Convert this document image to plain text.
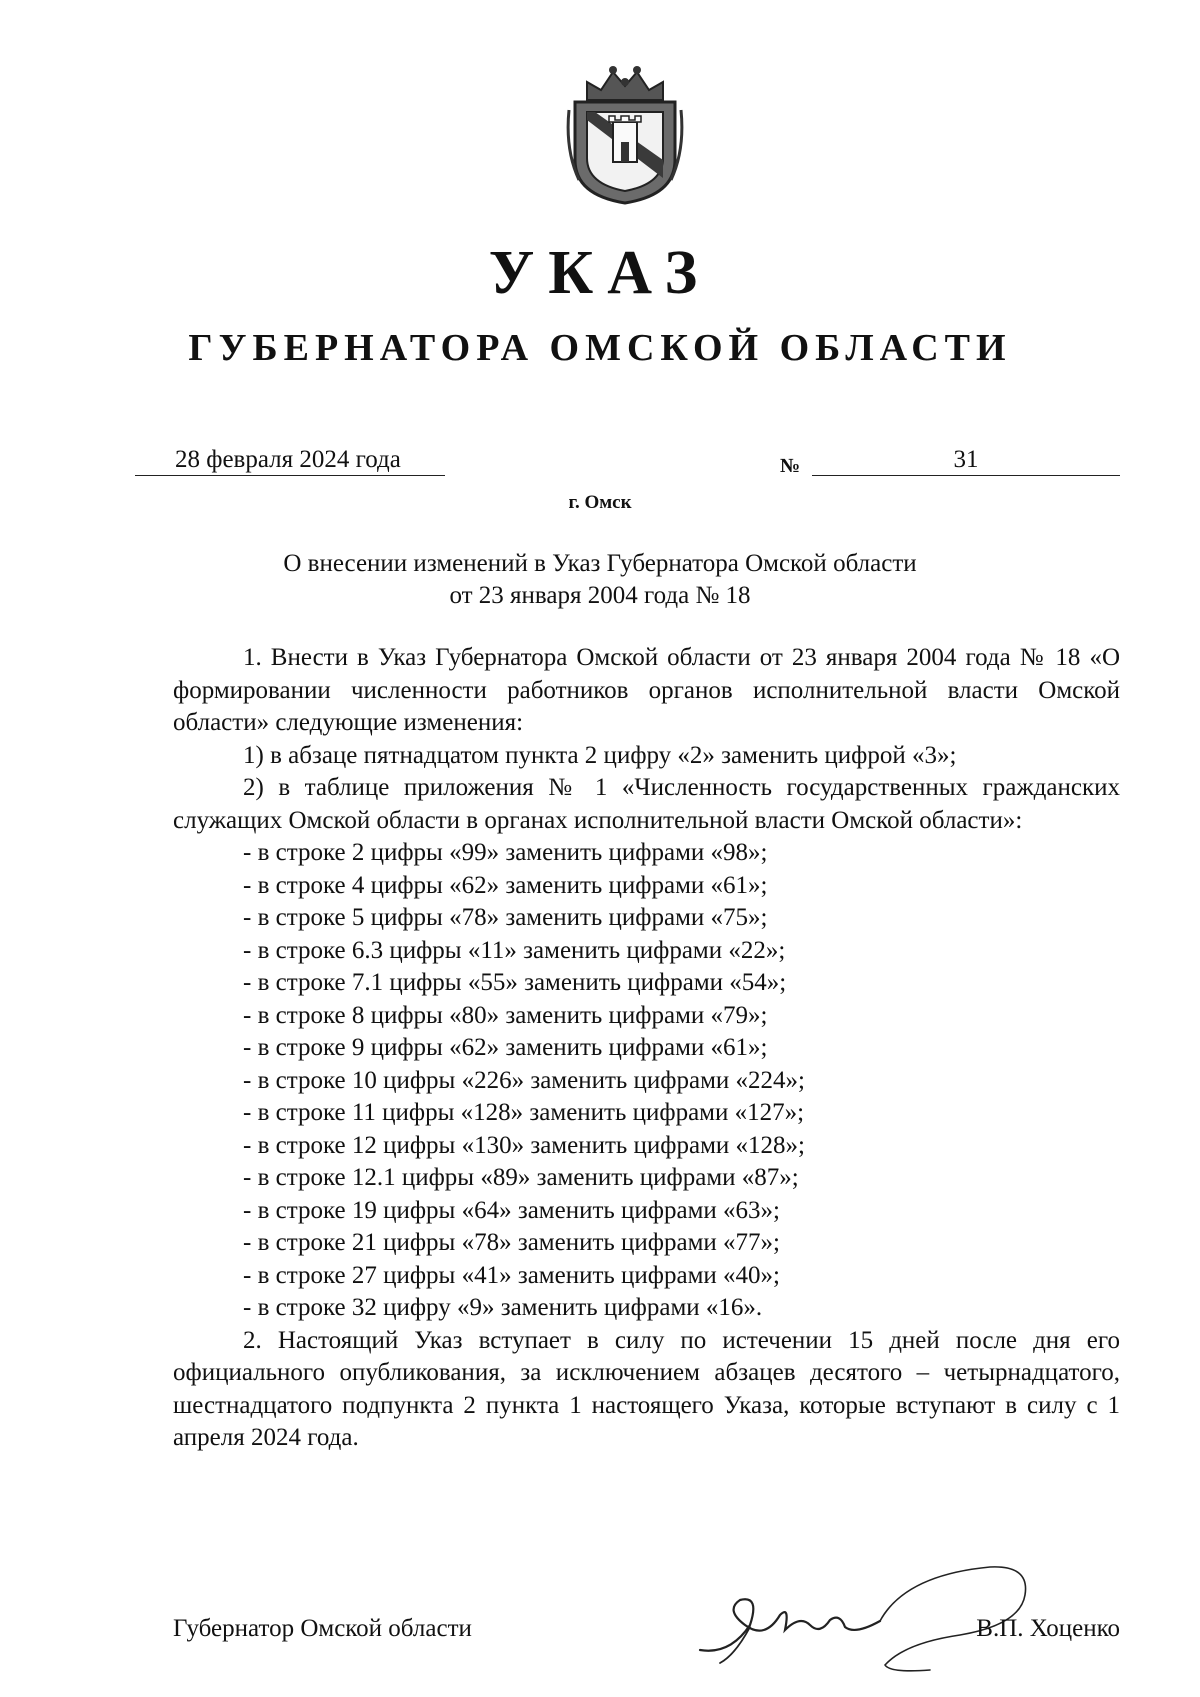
УКАЗ
ГУБЕРНАТОРА ОМСКОЙ ОБЛАСТИ
28 февраля 2024 года	№	31
г. Омск
О внесении изменений в Указ Губернатора Омской области
от 23 января 2004 года № 18

1. Внести в Указ Губернатора Омской области от 23 января 2004 года № 18 «О формировании численности работников органов исполнительной власти Омской области» следующие изменения:

1) в абзаце пятнадцатом пункта 2 цифру «2» заменить цифрой «3»;

2) в таблице приложения № 1 «Численность государственных гражданских служащих Омской области в органах исполнительной власти Омской области»:

- в строке 2 цифры «99» заменить цифрами «98»;

- в строке 4 цифры «62» заменить цифрами «61»;

- в строке 5 цифры «78» заменить цифрами «75»;

- в строке 6.3 цифры «11» заменить цифрами «22»;

- в строке 7.1 цифры «55» заменить цифрами «54»;

- в строке 8 цифры «80» заменить цифрами «79»;

- в строке 9 цифры «62» заменить цифрами «61»;

- в строке 10 цифры «226» заменить цифрами «224»;

- в строке 11 цифры «128» заменить цифрами «127»;

- в строке 12 цифры «130» заменить цифрами «128»;

- в строке 12.1 цифры «89» заменить цифрами «87»;

- в строке 19 цифры «64» заменить цифрами «63»;

- в строке 21 цифры «78» заменить цифрами «77»;

- в строке 27 цифры «41» заменить цифрами «40»;

- в строке 32 цифру «9» заменить цифрами «16».

2. Настоящий Указ вступает в силу по истечении 15 дней после дня его официального опубликования, за исключением абзацев десятого – четырнадцатого, шестнадцатого подпункта 2 пункта 1 настоящего Указа, которые вступают в силу с 1 апреля 2024 года.

Губернатор Омской области	В.П. Хоценко
